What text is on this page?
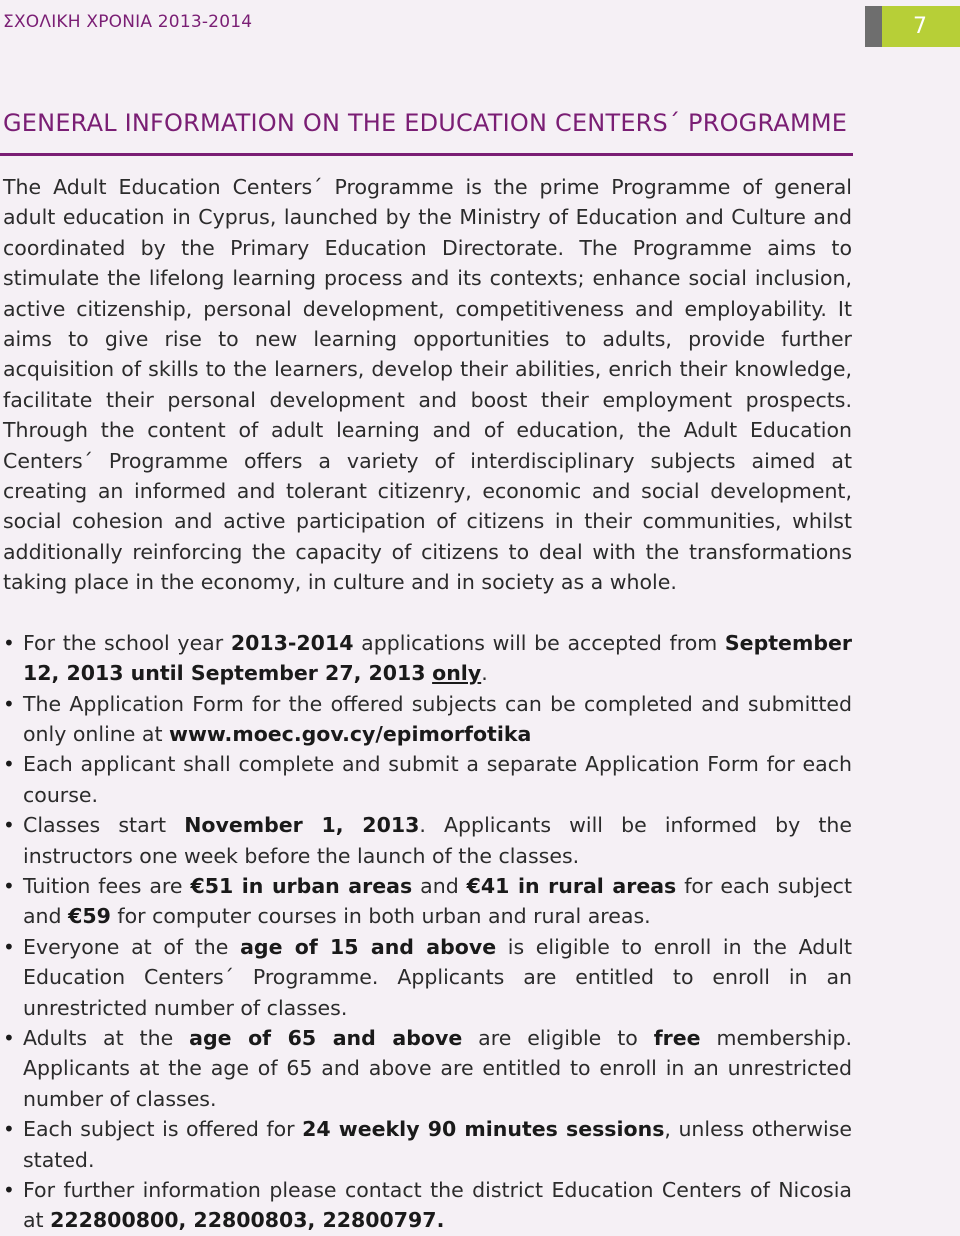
ΣΧΟΛΙΚΗ ΧΡΟΝΙΑ 2013-2014	7
GENERAL INFORMATION ON THE EDUCATION CENTERS΄ PROGRAMME

The Adult Education Centers΄ Programme is the prime Programme of general adult education in Cyprus, launched by the Ministry of Education and Culture and coordinated by the Primary Education Directorate. The Programme aims to stimulate the lifelong learning process and its contexts; enhance social inclusion, active citizenship, personal development, competitiveness and employability. It aims to give rise to new learning opportunities to adults, provide further acquisition of skills to the learners, develop their abilities, enrich their knowledge, facilitate their personal development and boost their employment prospects. Through the content of adult learning and of education, the Adult Education Centers΄ Programme offers a variety of interdisciplinary subjects aimed at creating an informed and tolerant citizenry, economic and social development, social cohesion and active participation of citizens in their communities, whilst additionally reinforcing the capacity of citizens to deal with the transformations taking place in the economy, in culture and in society as a whole.

• For the school year 2013-2014 applications will be accepted from September 12, 2013 until September 27, 2013 only.
• The Application Form for the offered subjects can be completed and submitted only online at www.moec.gov.cy/epimorfotika
• Each applicant shall complete and submit a separate Application Form for each course.
• Classes start November 1, 2013. Applicants will be informed by the instructors one week before the launch of the classes.
• Tuition fees are €51 in urban areas and €41 in rural areas for each subject and €59 for computer courses in both urban and rural areas.
• Everyone at of the age of 15 and above is eligible to enroll in the Adult Education Centers΄ Programme. Applicants are entitled to enroll in an unrestricted number of classes.
• Adults at the age of 65 and above are eligible to free membership. Applicants at the age of 65 and above are entitled to enroll in an unrestricted number of classes.
• Each subject is offered for 24 weekly 90 minutes sessions, unless otherwise stated.
• For further information please contact the district Education Centers of Nicosia at 222800800, 22800803, 22800797.
